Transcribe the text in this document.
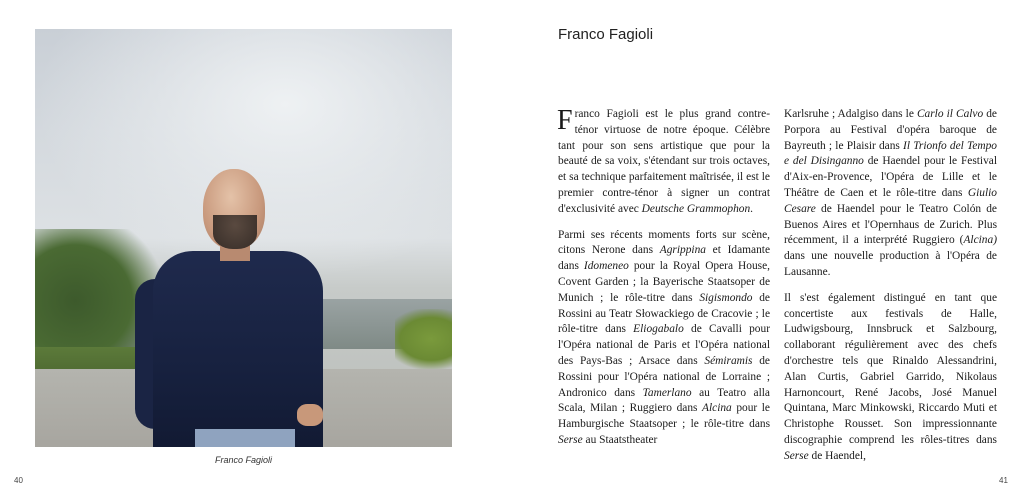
Franco Fagioli
40
Franco Fagioli

Franco Fagioli est le plus grand contre-ténor virtuose de notre époque. Célèbre tant pour son sens artistique que pour la beauté de sa voix, s'étendant sur trois octaves, et sa technique parfaitement maîtrisée, il est le premier contre-ténor à signer un contrat d'exclusivité avec Deutsche Grammophon.

Parmi ses récents moments forts sur scène, citons Nerone dans Agrippina et Idamante dans Idomeneo pour la Royal Opera House, Covent Garden ; la Bayerische Staatsoper de Munich ; le rôle-titre dans Sigismondo de Rossini au Teatr Słowackiego de Cracovie ; le rôle-titre dans Eliogabalo de Cavalli pour l'Opéra national de Paris et l'Opéra national des Pays-Bas ; Arsace dans Sémiramis de Rossini pour l'Opéra national de Lorraine ; Andronico dans Tamerlano au Teatro alla Scala, Milan ; Ruggiero dans Alcina pour le Hamburgische Staatsoper ; le rôle-titre dans Serse au Staatstheater

Karlsruhe ; Adalgiso dans le Carlo il Calvo de Porpora au Festival d'opéra baroque de Bayreuth ; le Plaisir dans Il Trionfo del Tempo e del Disinganno de Haendel pour le Festival d'Aix-en-Provence, l'Opéra de Lille et le Théâtre de Caen et le rôle-titre dans Giulio Cesare de Haendel pour le Teatro Colón de Buenos Aires et l'Opernhaus de Zurich. Plus récemment, il a interprété Ruggiero (Alcina) dans une nouvelle production à l'Opéra de Lausanne.

Il s'est également distingué en tant que concertiste aux festivals de Halle, Ludwigsbourg, Innsbruck et Salzbourg, collaborant régulièrement avec des chefs d'orchestre tels que Rinaldo Alessandrini, Alan Curtis, Gabriel Garrido, Nikolaus Harnoncourt, René Jacobs, José Manuel Quintana, Marc Minkowski, Riccardo Muti et Christophe Rousset. Son impressionnante discographie comprend les rôles-titres dans Serse de Haendel,

41
